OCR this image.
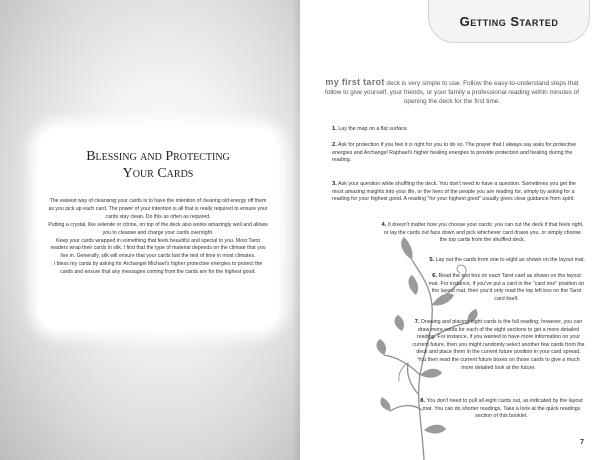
Blessing and Protecting
Your Cards

The easiest way of cleansing your cards is to have the intention of clearing old energy off them as you pick up each card. The power of your intention is all that is really required to ensure your cards stay clean. Do this as often as required.

Putting a crystal, like selenite or citrine, on top of the deck also works amazingly well and allows you to cleanse and charge your cards overnight.

Keep your cards wrapped in something that feels beautiful and special to you. Most Tarot readers wrap their cards in silk. I find that the type of material depends on the climate that you live in. Generally, silk will ensure that your cards last the test of time in most climates.

I bless my cards by asking for Archangel Michael's higher protective energies to protect the cards and ensure that any messages coming from the cards are for the highest good.

Getting Started
my first tarot deck is very simple to use. Follow the easy-to-understand steps that follow to give yourself, your friends, or your family a professional reading within minutes of opening the deck for the first time.
1. Lay the map on a flat surface.
2. Ask for protection if you feel it is right for you to do so. The prayer that I always say asks for protective energies and Archangel Raphael's higher healing energies to provide protection and healing during the reading.
3. Ask your question while shuffling the deck. You don't need to have a question. Sometimes you get the most amazing insights into your life, or the lives of the people you are reading for, simply by asking for a reading for your highest good. A reading "for your highest good" usually gives clear guidance from spirit.
4. It doesn't matter how you choose your cards: you can cut the deck if that feels right, or lay the cards out face down and pick whichever card draws you, or simply choose the top cards from the shuffled deck.
5. Lay out the cards from one to eight as shown on the layout mat.
6. Read the text box on each Tarot card as shown on the layout mat. For instance, if you've put a card in the "card one" position on the layout mat, then you'd only read the top left box on the Tarot card itself.
7. Drawing and placing eight cards is the full reading; however, you can draw more cards for each of the eight sections to get a more detailed reading. For instance, if you wanted to have more information on your current future, then you might randomly select another few cards from the deck and place them in the current future position in your card spread. You then read the current future boxes on those cards to give a much more detailed look at the future.
8. You don't need to pull all eight cards out, as indicated by the layout mat. You can do shorter readings. Take a look at the quick readings section of this booklet.
7
